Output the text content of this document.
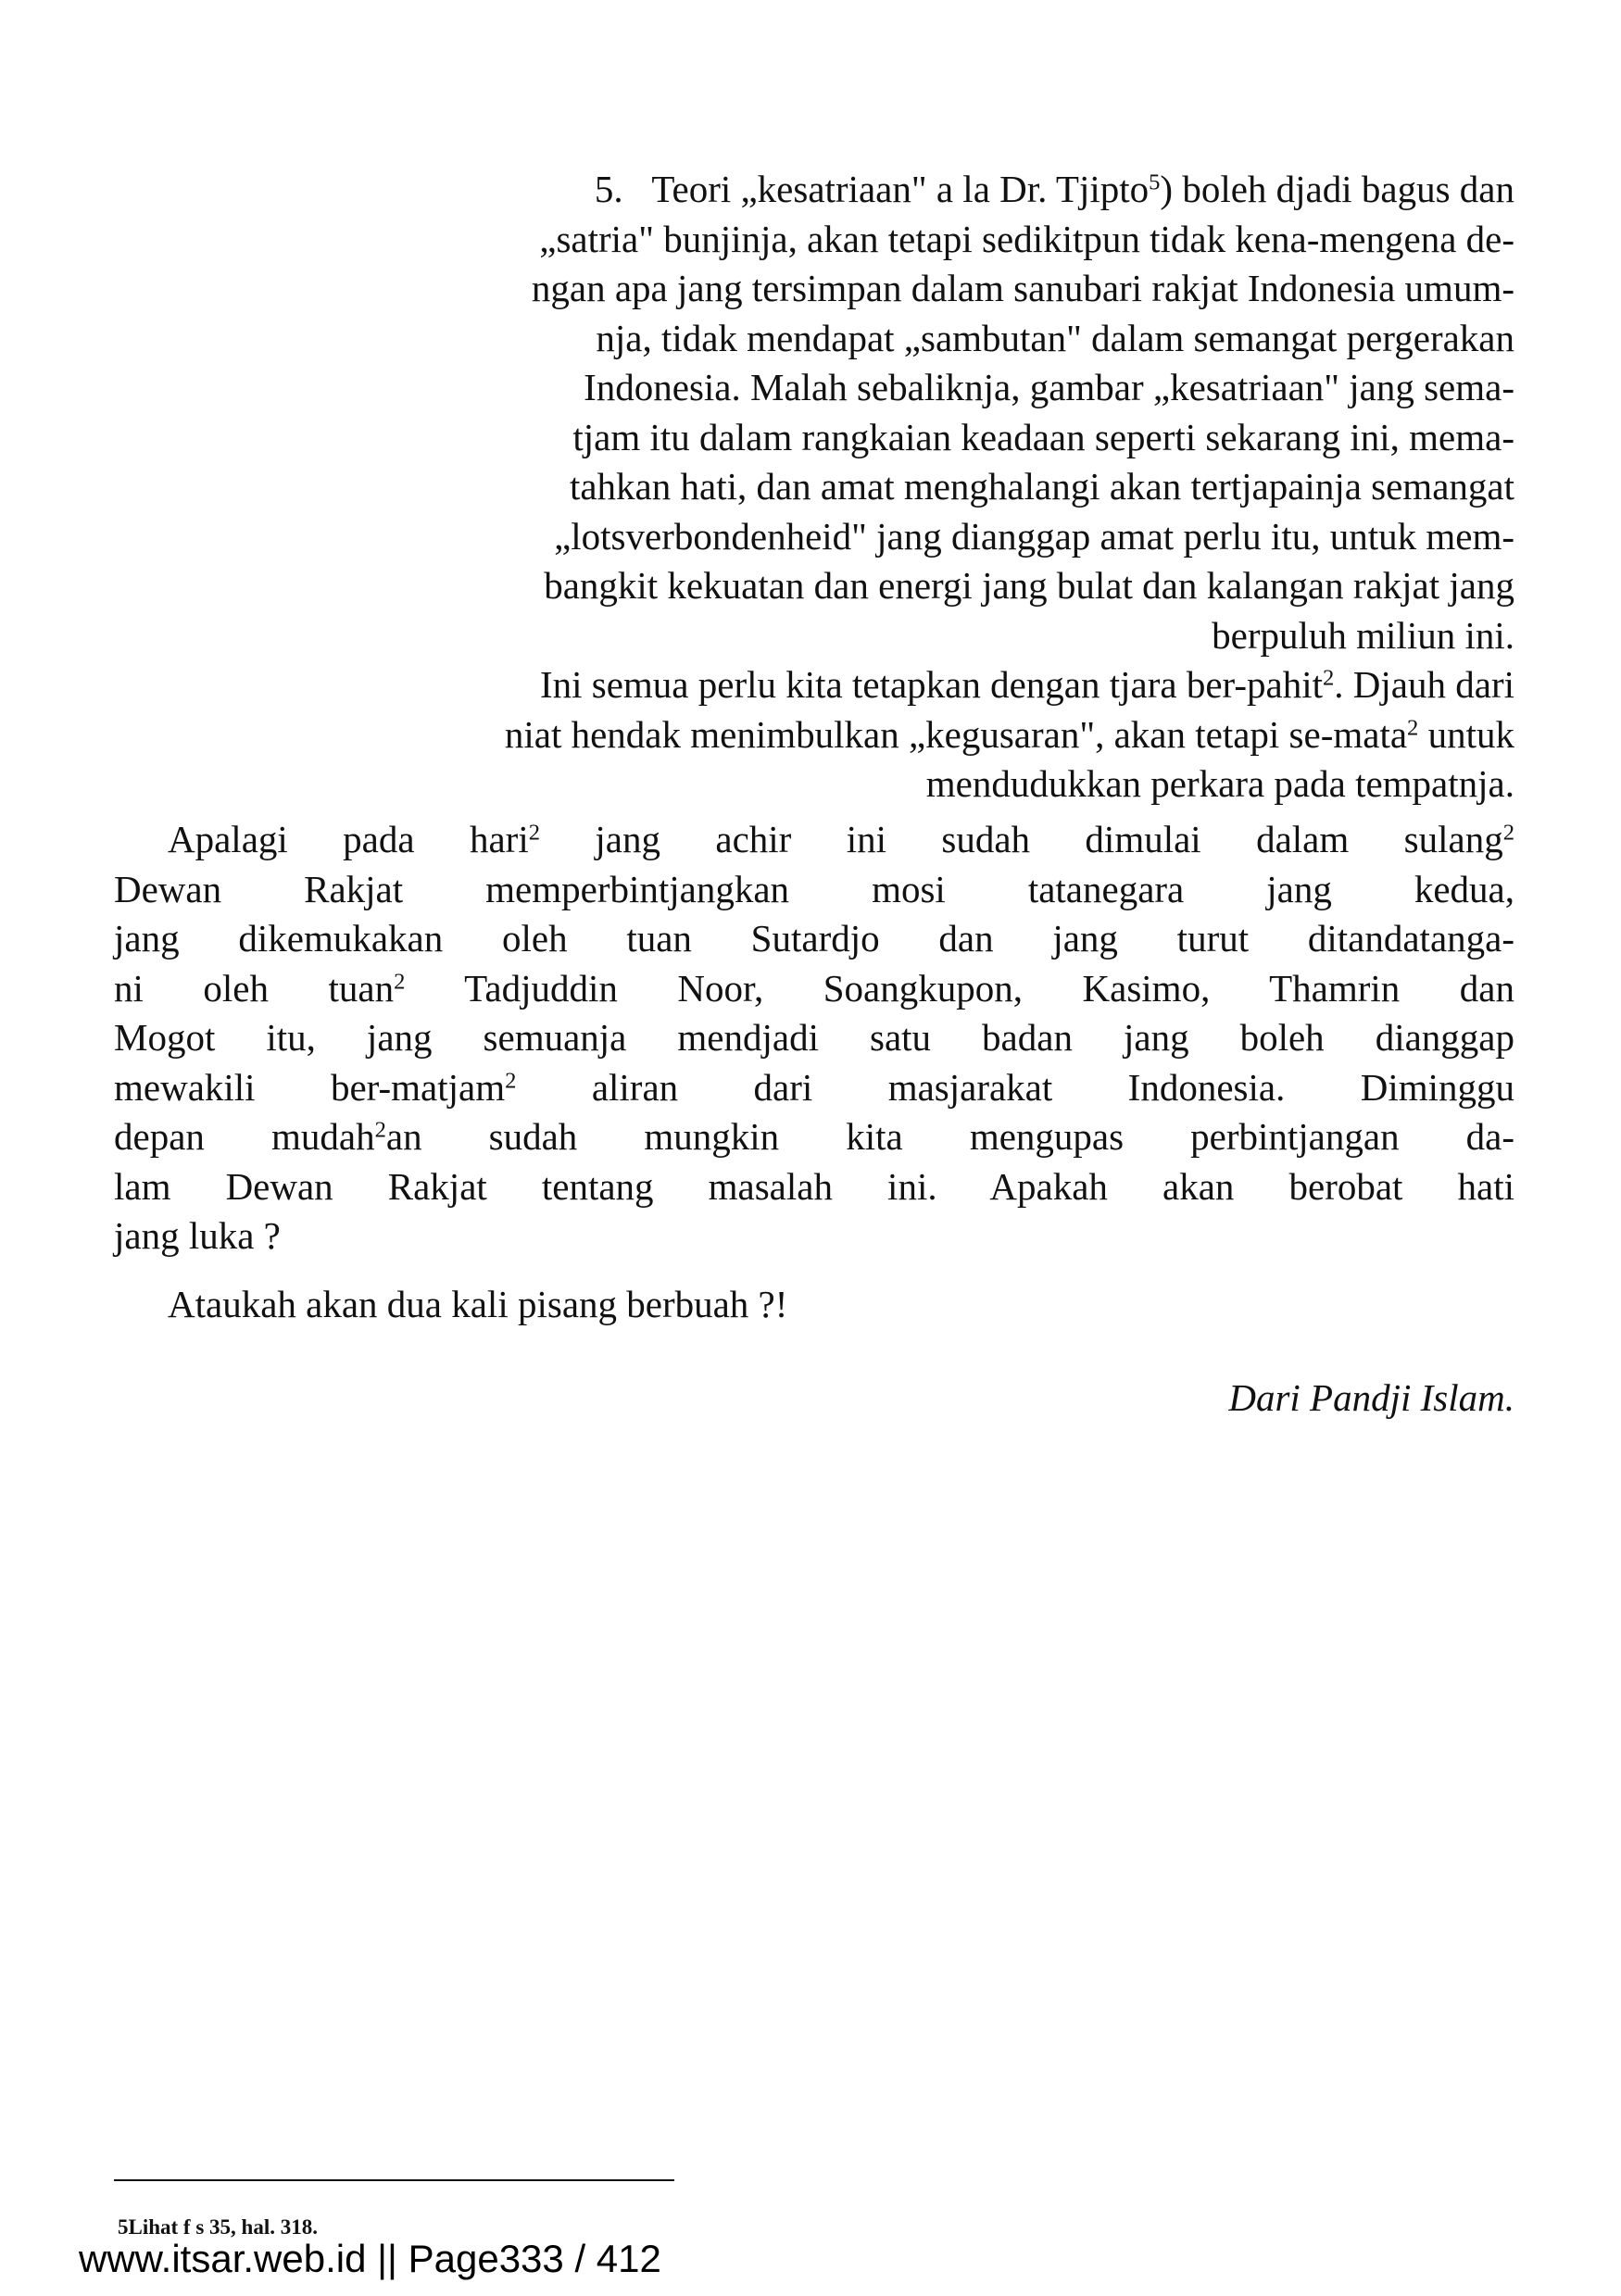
5. Teori „kesatriaan" a la Dr. Tjipto$^5$) boleh djadi bagus dan
„satria" bunjinja, akan tetapi sedikitpun tidak kena-mengena de-
ngan apa jang tersimpan dalam sanubari rakjat Indonesia umum-
nja, tidak mendapat „sambutan" dalam semangat pergerakan
Indonesia. Malah sebaliknja, gambar „kesatriaan" jang sema-
tjam itu dalam rangkaian keadaan seperti sekarang ini, mema-
tahkan hati, dan amat menghalangi akan tertjapainja semangat
„lotsverbondenheid" jang dianggap amat perlu itu, untuk mem-
bangkit kekuatan dan energi jang bulat dan kalangan rakjat jang
berpuluh miliun ini.
Ini semua perlu kita tetapkan dengan tjara ber-pahit$^2$. Djauh dari
niat hendak menimbulkan „kegusaran", akan tetapi se-mata$^2$ untuk
mendudukkan perkara pada tempatnja.
Apalagi pada hari$^2$ jang achir ini sudah dimulai dalam sulang$^2$
Dewan Rakjat memperbintjangkan mosi tatanegara jang kedua,
jang dikemukakan oleh tuan Sutardjo dan jang turut ditandatanga-
ni oleh tuan$^2$ Tadjuddin Noor, Soangkupon, Kasimo, Thamrin dan
Mogot itu, jang semuanja mendjadi satu badan jang boleh dianggap
mewakili ber-matjam$^2$ aliran dari masjarakat Indonesia. Diminggu
depan mudah$^2$an sudah mungkin kita mengupas perbintjangan da-
lam Dewan Rakjat tentang masalah ini. Apakah akan berobat hati
jang luka ?
Ataukah akan dua kali pisang berbuah ?!
Dari Pandji Islam.
5Lihat f s 35, hal. 318.
www.itsar.web.id || Page333 / 412
